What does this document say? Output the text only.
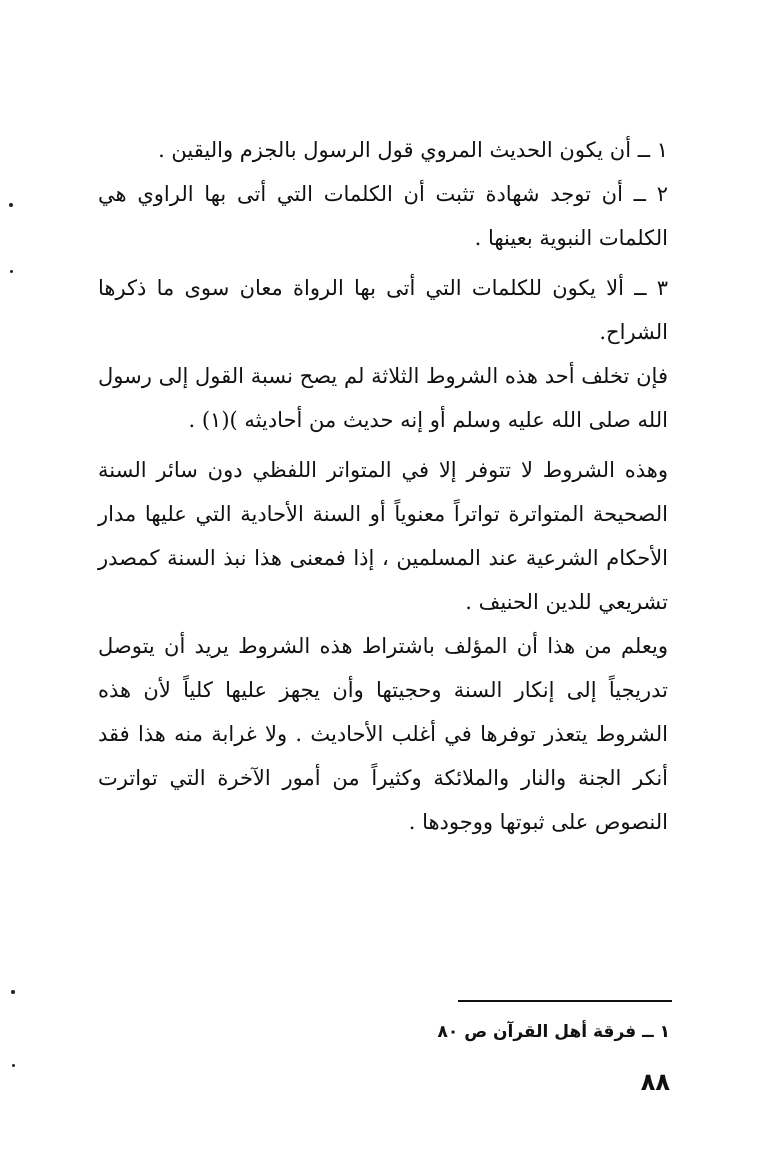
١ ــ أن يكون الحديث المروي قول الرسول بالجزم واليقين .

٢ ــ أن توجد شهادة تثبت أن الكلمات التي أتى بها الراوي هي الكلمات النبوية بعينها .

٣ ــ ألا يكون للكلمات التي أتى بها الرواة معان سوى ما ذكرها الشراح.

فإن تخلف أحد هذه الشروط الثلاثة لم يصح نسبة القول إلى رسول الله صلى الله عليه وسلم أو إنه حديث من أحاديثه )(١) .

وهذه الشروط لا تتوفر إلا في المتواتر اللفظي دون سائر السنة الصحيحة المتواترة تواتراً معنوياً أو السنة الأحادية التي عليها مدار الأحكام الشرعية عند المسلمين ، إذا فمعنى هذا نبذ السنة كمصدر تشريعي للدين الحنيف .

ويعلم من هذا أن المؤلف باشتراط هذه الشروط يريد أن يتوصل تدريجياً إلى إنكار السنة وحجيتها وأن يجهز عليها كلياً لأن هذه الشروط يتعذر توفرها في أغلب الأحاديث . ولا غرابة منه هذا فقد أنكر الجنة والنار والملائكة وكثيراً من أمور الآخرة التي تواترت النصوص على ثبوتها ووجودها .

١ ــ فرقة أهل القرآن ص ٨٠
٨٨
